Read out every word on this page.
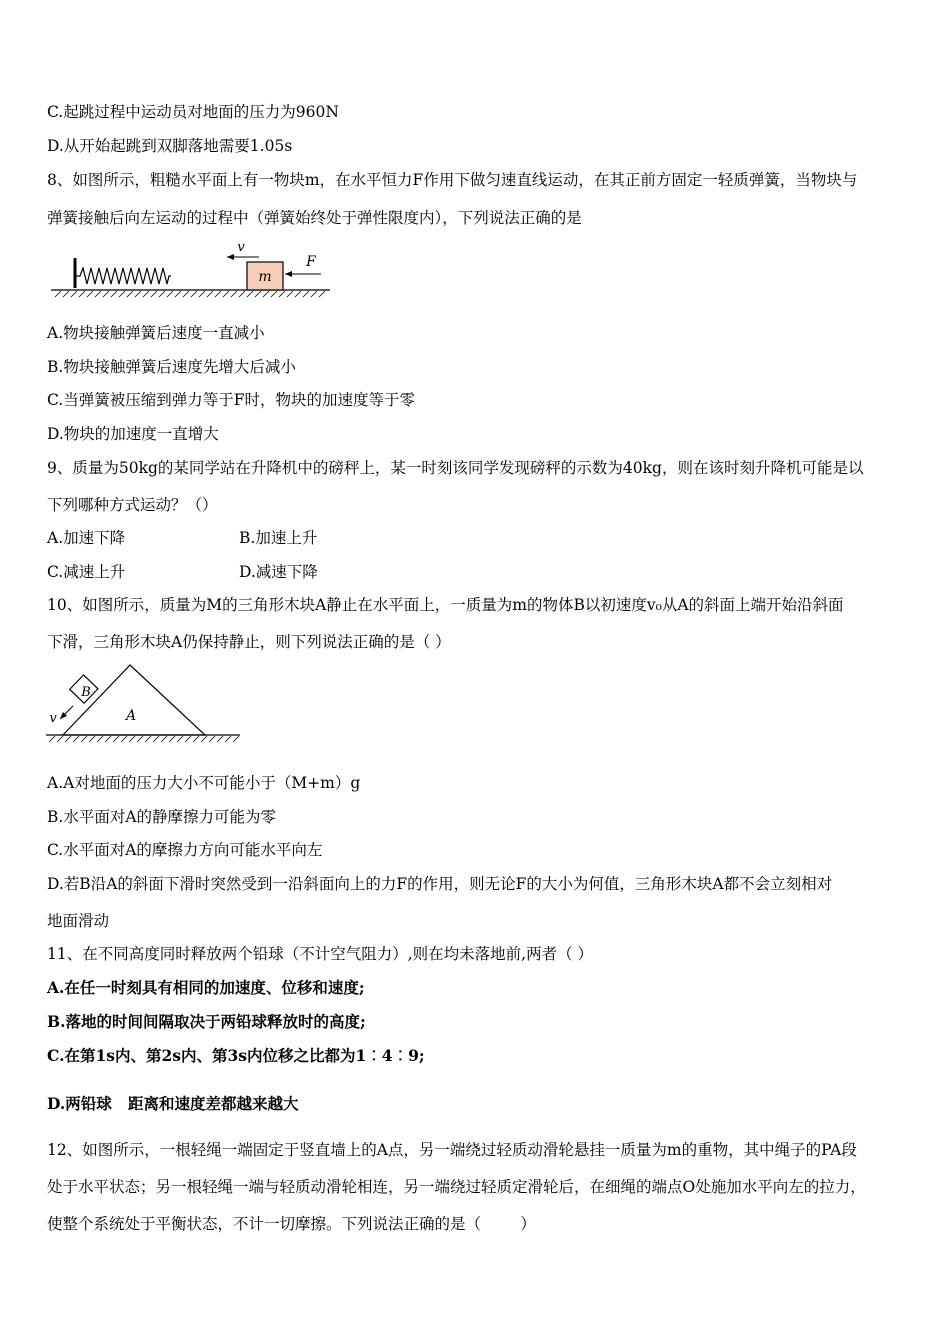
C.起跳过程中运动员对地面的压力为960N
D.从开始起跳到双脚落地需要1.05s
8、如图所示，粗糙水平面上有一物块m，在水平恒力F作用下做匀速直线运动，在其正前方固定一轻质弹簧，当物块与
弹簧接触后向左运动的过程中（弹簧始终处于弹性限度内），下列说法正确的是
m
v
F
A.物块接触弹簧后速度一直减小
B.物块接触弹簧后速度先增大后减小
C.当弹簧被压缩到弹力等于F时，物块的加速度等于零
D.物块的加速度一直增大
9、质量为50kg的某同学站在升降机中的磅秤上，某一时刻该同学发现磅秤的示数为40kg，则在该时刻升降机可能是以
下列哪种方式运动？（）
A.加速下降	B.加速上升
C.减速上升	D.减速下降
10、如图所示，质量为M的三角形木块A静止在水平面上，一质量为m的物体B以初速度v₀从A的斜面上端开始沿斜面
下滑，三角形木块A仍保持静止，则下列说法正确的是（ ）
A
B
v
A.A对地面的压力大小不可能小于（M+m）g
B.水平面对A的静摩擦力可能为零
C.水平面对A的摩擦力方向可能水平向左
D.若B沿A的斜面下滑时突然受到一沿斜面向上的力F的作用，则无论F的大小为何值，三角形木块A都不会立刻相对
地面滑动
11、在不同高度同时释放两个铅球（不计空气阻力）,则在均未落地前,两者（ ）
A.在任一时刻具有相同的加速度、位移和速度;
B.落地的时间间隔取决于两铅球释放时的高度;
C.在第1s内、第2s内、第3s内位移之比都为1︰4︰9;
D.两铅球   距离和速度差都越来越大
12、如图所示，一根轻绳一端固定于竖直墙上的A点，另一端绕过轻质动滑轮悬挂一质量为m的重物，其中绳子的PA段
处于水平状态；另一根轻绳一端与轻质动滑轮相连，另一端绕过轻质定滑轮后，在细绳的端点O处施加水平向左的拉力，
使整个系统处于平衡状态，不计一切摩擦。下列说法正确的是（        ）
